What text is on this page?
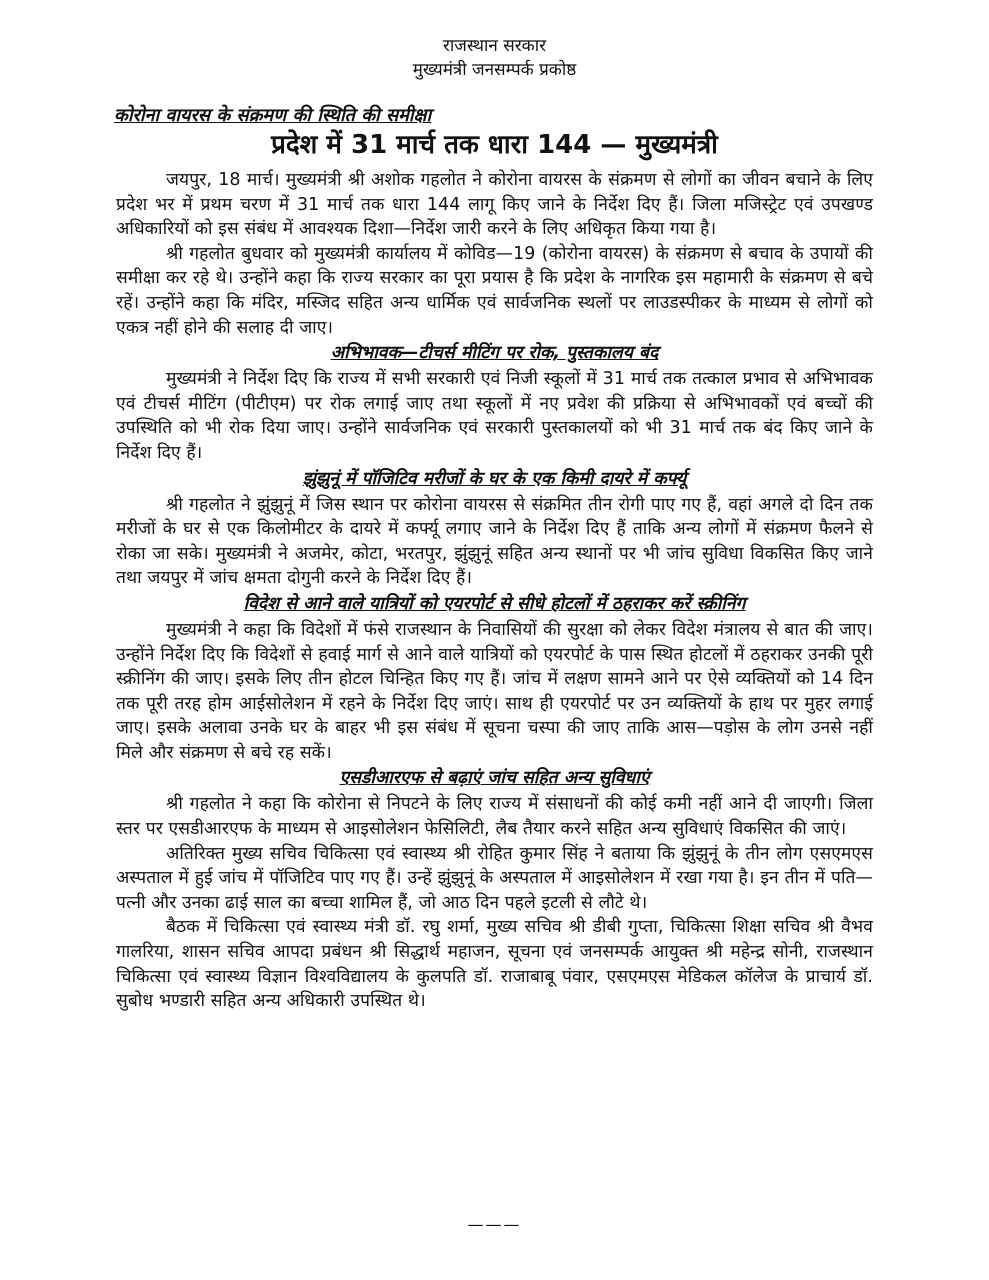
राजस्थान सरकार
मुख्यमंत्री जनसम्पर्क प्रकोष्ठ
कोरोना वायरस के संक्रमण की स्थिति की समीक्षा
प्रदेश में 31 मार्च तक धारा 144 — मुख्यमंत्री

जयपुर, 18 मार्च। मुख्यमंत्री श्री अशोक गहलोत ने कोरोना वायरस के संक्रमण से लोगों का जीवन बचाने के लिए प्रदेश भर में प्रथम चरण में 31 मार्च तक धारा 144 लागू किए जाने के निर्देश दिए हैं। जिला मजिस्ट्रेट एवं उपखण्ड अधिकारियों को इस संबंध में आवश्यक दिशा—निर्देश जारी करने के लिए अधिकृत किया गया है।

श्री गहलोत बुधवार को मुख्यमंत्री कार्यालय में कोविड—19 (कोरोना वायरस) के संक्रमण से बचाव के उपायों की समीक्षा कर रहे थे। उन्होंने कहा कि राज्य सरकार का पूरा प्रयास है कि प्रदेश के नागरिक इस महामारी के संक्रमण से बचे रहें। उन्होंने कहा कि मंदिर, मस्जिद सहित अन्य धार्मिक एवं सार्वजनिक स्थलों पर लाउडस्पीकर के माध्यम से लोगों को एकत्र नहीं होने की सलाह दी जाए।

अभिभावक—टीचर्स मीटिंग पर रोक, पुस्तकालय बंद

मुख्यमंत्री ने निर्देश दिए कि राज्य में सभी सरकारी एवं निजी स्कूलों में 31 मार्च तक तत्काल प्रभाव से अभिभावक एवं टीचर्स मीटिंग (पीटीएम) पर रोक लगाई जाए तथा स्कूलों में नए प्रवेश की प्रक्रिया से अभिभावकों एवं बच्चों की उपस्थिति को भी रोक दिया जाए। उन्होंने सार्वजनिक एवं सरकारी पुस्तकालयों को भी 31 मार्च तक बंद किए जाने के निर्देश दिए हैं।

झुंझुनूं में पॉजिटिव मरीजों के घर के एक किमी दायरे में कर्फ्यू

श्री गहलोत ने झुंझुनूं में जिस स्थान पर कोरोना वायरस से संक्रमित तीन रोगी पाए गए हैं, वहां अगले दो दिन तक मरीजों के घर से एक किलोमीटर के दायरे में कर्फ्यू लगाए जाने के निर्देश दिए हैं ताकि अन्य लोगों में संक्रमण फैलने से रोका जा सके। मुख्यमंत्री ने अजमेर, कोटा, भरतपुर, झुंझुनूं सहित अन्य स्थानों पर भी जांच सुविधा विकसित किए जाने तथा जयपुर में जांच क्षमता दोगुनी करने के निर्देश दिए हैं।

विदेश से आने वाले यात्रियों को एयरपोर्ट से सीधे होटलों में ठहराकर करें स्क्रीनिंग

मुख्यमंत्री ने कहा कि विदेशों में फंसे राजस्थान के निवासियों की सुरक्षा को लेकर विदेश मंत्रालय से बात की जाए। उन्होंने निर्देश दिए कि विदेशों से हवाई मार्ग से आने वाले यात्रियों को एयरपोर्ट के पास स्थित होटलों में ठहराकर उनकी पूरी स्क्रीनिंग की जाए। इसके लिए तीन होटल चिन्हित किए गए हैं। जांच में लक्षण सामने आने पर ऐसे व्यक्तियों को 14 दिन तक पूरी तरह होम आईसोलेशन में रहने के निर्देश दिए जाएं। साथ ही एयरपोर्ट पर उन व्यक्तियों के हाथ पर मुहर लगाई जाए। इसके अलावा उनके घर के बाहर भी इस संबंध में सूचना चस्पा की जाए ताकि आस—पड़ोस के लोग उनसे नहीं मिले और संक्रमण से बचे रह सकें।

एसडीआरएफ से बढ़ाएं जांच सहित अन्य सुविधाएं

श्री गहलोत ने कहा कि कोरोना से निपटने के लिए राज्य में संसाधनों की कोई कमी नहीं आने दी जाएगी। जिला स्तर पर एसडीआरएफ के माध्यम से आइसोलेशन फेसिलिटी, लैब तैयार करने सहित अन्य सुविधाएं विकसित की जाएं।

अतिरिक्त मुख्य सचिव चिकित्सा एवं स्वास्थ्य श्री रोहित कुमार सिंह ने बताया कि झुंझुनूं के तीन लोग एसएमएस अस्पताल में हुई जांच में पॉजिटिव पाए गए हैं। उन्हें झुंझुनूं के अस्पताल में आइसोलेशन में रखा गया है। इन तीन में पति—पत्नी और उनका ढाई साल का बच्चा शामिल हैं, जो आठ दिन पहले इटली से लौटे थे।

बैठक में चिकित्सा एवं स्वास्थ्य मंत्री डॉ. रघु शर्मा, मुख्य सचिव श्री डीबी गुप्ता, चिकित्सा शिक्षा सचिव श्री वैभव गालरिया, शासन सचिव आपदा प्रबंधन श्री सिद्धार्थ महाजन, सूचना एवं जनसम्पर्क आयुक्त श्री महेन्द्र सोनी, राजस्थान चिकित्सा एवं स्वास्थ्य विज्ञान विश्वविद्यालय के कुलपति डॉ. राजाबाबू पंवार, एसएमएस मेडिकल कॉलेज के प्राचार्य डॉ. सुबोध भण्डारी सहित अन्य अधिकारी उपस्थित थे।

———
